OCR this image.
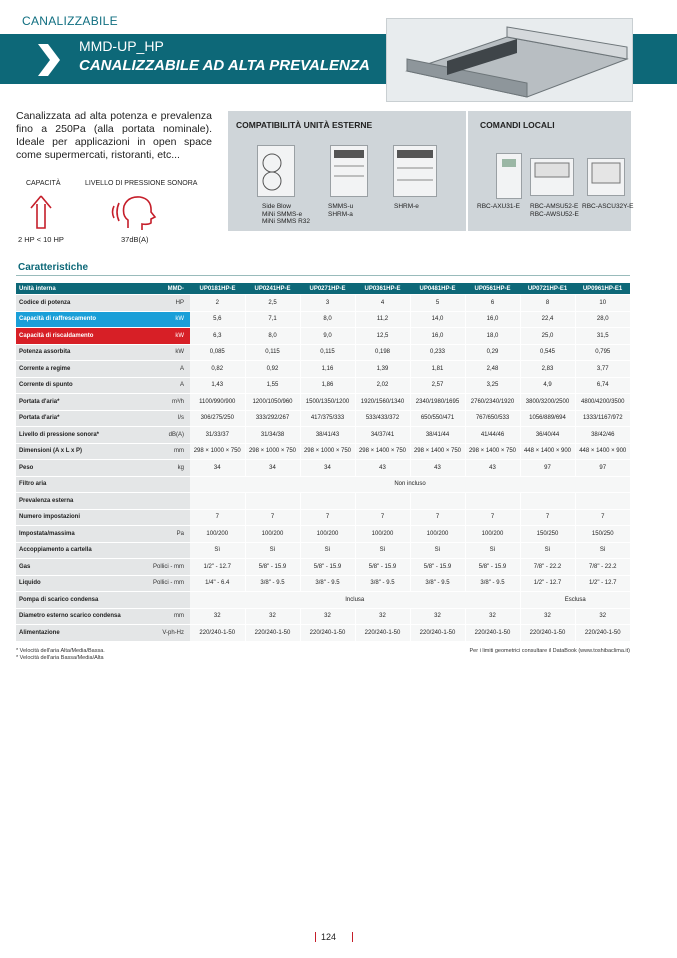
CANALIZZABILE
MMD-UP_HP
CANALIZZABILE AD ALTA PREVALENZA
Canalizzata ad alta potenza e prevalenza fino a 250Pa (alla portata nominale). Ideale per applicazioni in open space come supermercati, ristoranti, etc...
CAPACITÀ	LIVELLO DI PRESSIONE SONORA
2 HP < 10 HP	37dB(A)
COMPATIBILITÀ UNITÀ ESTERNE	COMANDI LOCALI
Side Blow
MiNi SMMS-e
MiNi SMMS R32
SMMS-u
SHRM-a
SHRM-e	RBC-AXU31-E RBC-AMSU52-E
RBC-AWSU52-E
RBC-ASCU32Y-E
Caratteristiche
Unità interna	MMD-	UP0181HP-E	UP0241HP-E	UP0271HP-E	UP0361HP-E	UP0481HP-E	UP0561HP-E	UP0721HP-E1	UP0961HP-E1
Codice di potenza	HP	2	2,5	3	4	5	6	8	10
Capacità di raffrescamento	kW	5,6	7,1	8,0	11,2	14,0	16,0	22,4	28,0
Capacità di riscaldamento	kW	6,3	8,0	9,0	12,5	16,0	18,0	25,0	31,5
Potenza assorbita	kW	0,085	0,115	0,115	0,198	0,233	0,29	0,545	0,795
Corrente a regime	A	0,82	0,92	1,16	1,39	1,81	2,48	2,83	3,77
Corrente di spunto	A	1,43	1,55	1,86	2,02	2,57	3,25	4,9	6,74
Portata d'aria*	m³/h	1100/990/900	1200/1050/960	1500/1350/1200	1920/1560/1340	2340/1980/1695	2760/2340/1920	3800/3200/2500	4800/4200/3500
Portata d'aria*	l/s	306/275/250	333/292/267	417/375/333	533/433/372	650/550/471	767/650/533	1056/889/694	1333/1167/972
Livello di pressione sonora*	dB(A)	31/33/37	31/34/38	38/41/43	34/37/41	38/41/44	41/44/46	36/40/44	38/42/46
Dimensioni (A x L x P)	mm	298 × 1000 × 750	298 × 1000 × 750	298 × 1000 × 750	298 × 1400 × 750	298 × 1400 × 750	298 × 1400 × 750	448 × 1400 × 900	448 × 1400 × 900
Peso	kg	34	34	34	43	43	43	97	97
Filtro aria		Non incluso							
Prevalenza esterna									
Numero impostazioni		7	7	7	7	7	7	7	7
Impostata/massima	Pa	100/200	100/200	100/200	100/200	100/200	100/200	150/250	150/250
Accoppiamento a cartella		Sì	Sì	Sì	Sì	Sì	Sì	Sì	Sì
Gas	Pollici - mm	1/2" - 12.7	5/8" - 15.9	5/8" - 15.9	5/8" - 15.9	5/8" - 15.9	5/8" - 15.9	7/8" - 22.2	7/8" - 22.2
Liquido	Pollici - mm	1/4" - 6.4	3/8" - 9.5	3/8" - 9.5	3/8" - 9.5	3/8" - 9.5	3/8" - 9.5	1/2" - 12.7	1/2" - 12.7
Pompa di scarico condensa		Inclusa						Esclusa	
Diametro esterno scarico condensa	mm	32	32	32	32	32	32	32	32
Alimentazione	V-ph-Hz	220/240-1-50	220/240-1-50	220/240-1-50	220/240-1-50	220/240-1-50	220/240-1-50	220/240-1-50	220/240-1-50
* Velocità dell'aria Alta/Media/Bassa.
* Velocità dell'aria Bassa/Media/Alta
Per i limiti geometrici consultare il DataBook (www.toshibaclima.it)
124
